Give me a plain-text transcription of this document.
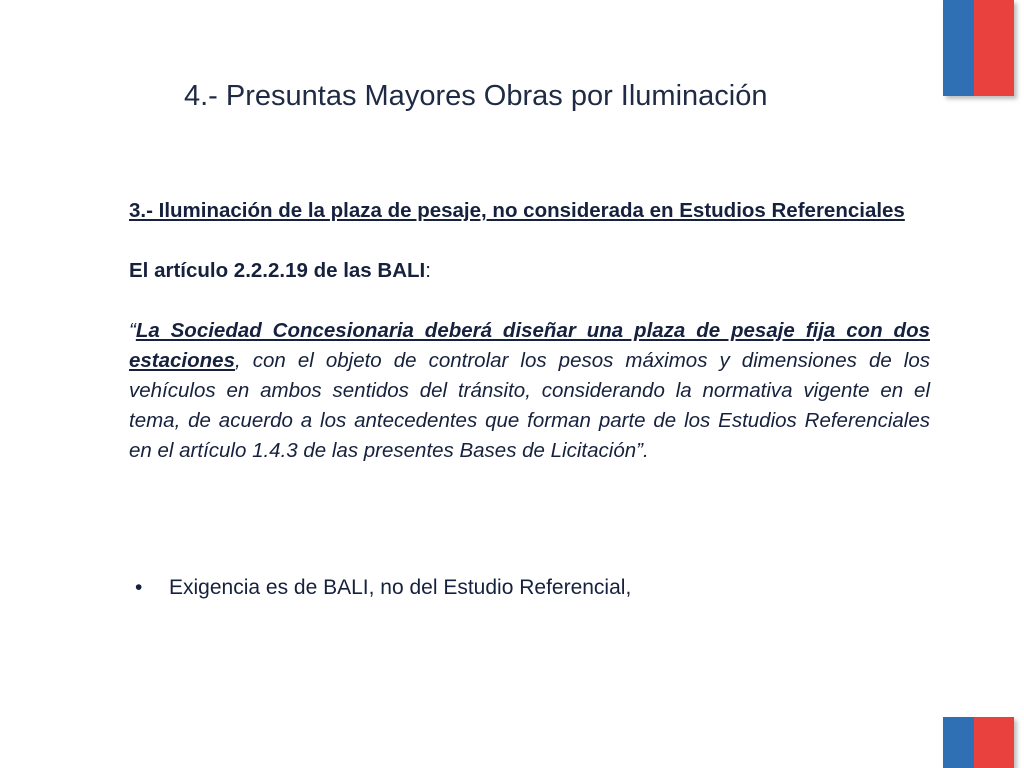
4.- Presuntas Mayores Obras por Iluminación

3.- Iluminación de la plaza de pesaje, no considerada en Estudios Referenciales

El artículo 2.2.2.19 de las BALI:

“La Sociedad Concesionaria deberá diseñar una plaza de pesaje fija con dos estaciones, con el objeto de controlar los pesos máximos y dimensiones de los vehículos en ambos sentidos del tránsito, considerando la normativa vigente en el tema, de acuerdo a los antecedentes que forman parte de los Estudios Referenciales en el artículo 1.4.3 de las presentes Bases de Licitación”.

•	Exigencia es de BALI, no del Estudio Referencial,
